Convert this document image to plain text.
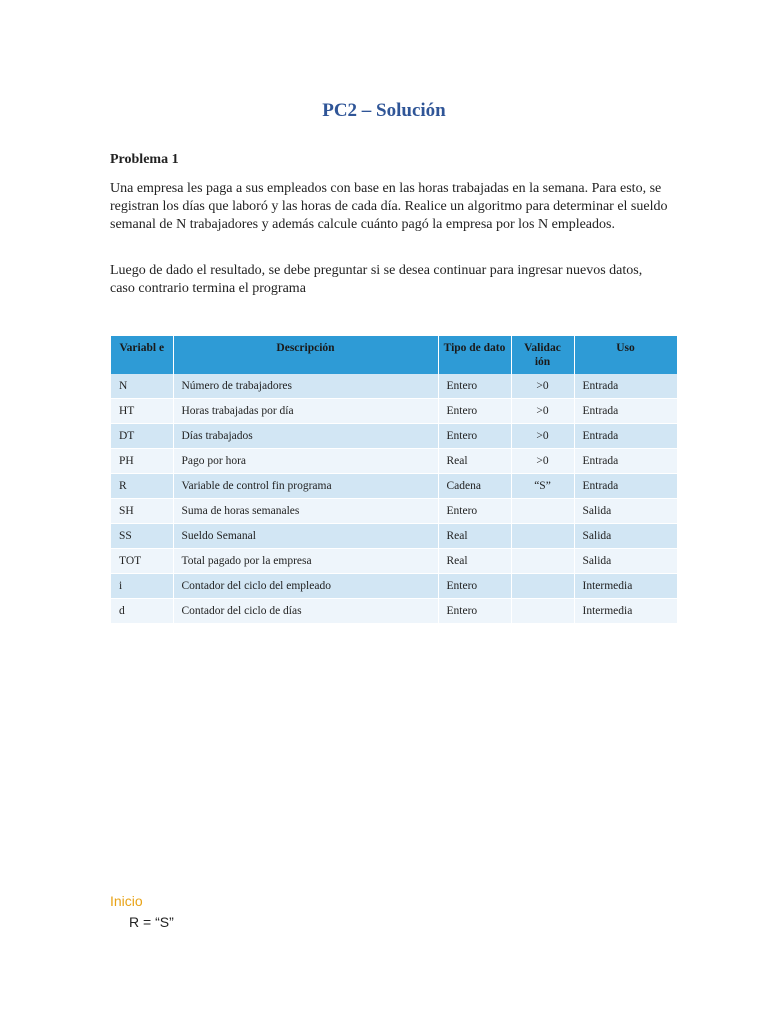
PC2 – Solución
Problema 1
Una empresa les paga a sus empleados con base en las horas trabajadas en la semana. Para esto, se registran los días que laboró y las horas de cada día. Realice un algoritmo para determinar el sueldo semanal de N trabajadores y además calcule cuánto pagó la empresa por los N empleados.
Luego de dado el resultado, se debe preguntar si se desea continuar para ingresar nuevos datos, caso contrario termina el programa
Variabl e	Descripción	Tipo de dato	Validac ión	Uso
N	Número de trabajadores	Entero	>0	Entrada
HT	Horas trabajadas por día	Entero	>0	Entrada
DT	Días trabajados	Entero	>0	Entrada
PH	Pago por hora	Real	>0	Entrada
R	Variable de control fin programa	Cadena	“S”	Entrada
SH	Suma de horas semanales	Entero		Salida
SS	Sueldo Semanal	Real		Salida
TOT	Total pagado por la empresa	Real		Salida
i	Contador del ciclo del empleado	Entero		Intermedia
d	Contador del ciclo de días	Entero		Intermedia
Inicio
R = “S”
